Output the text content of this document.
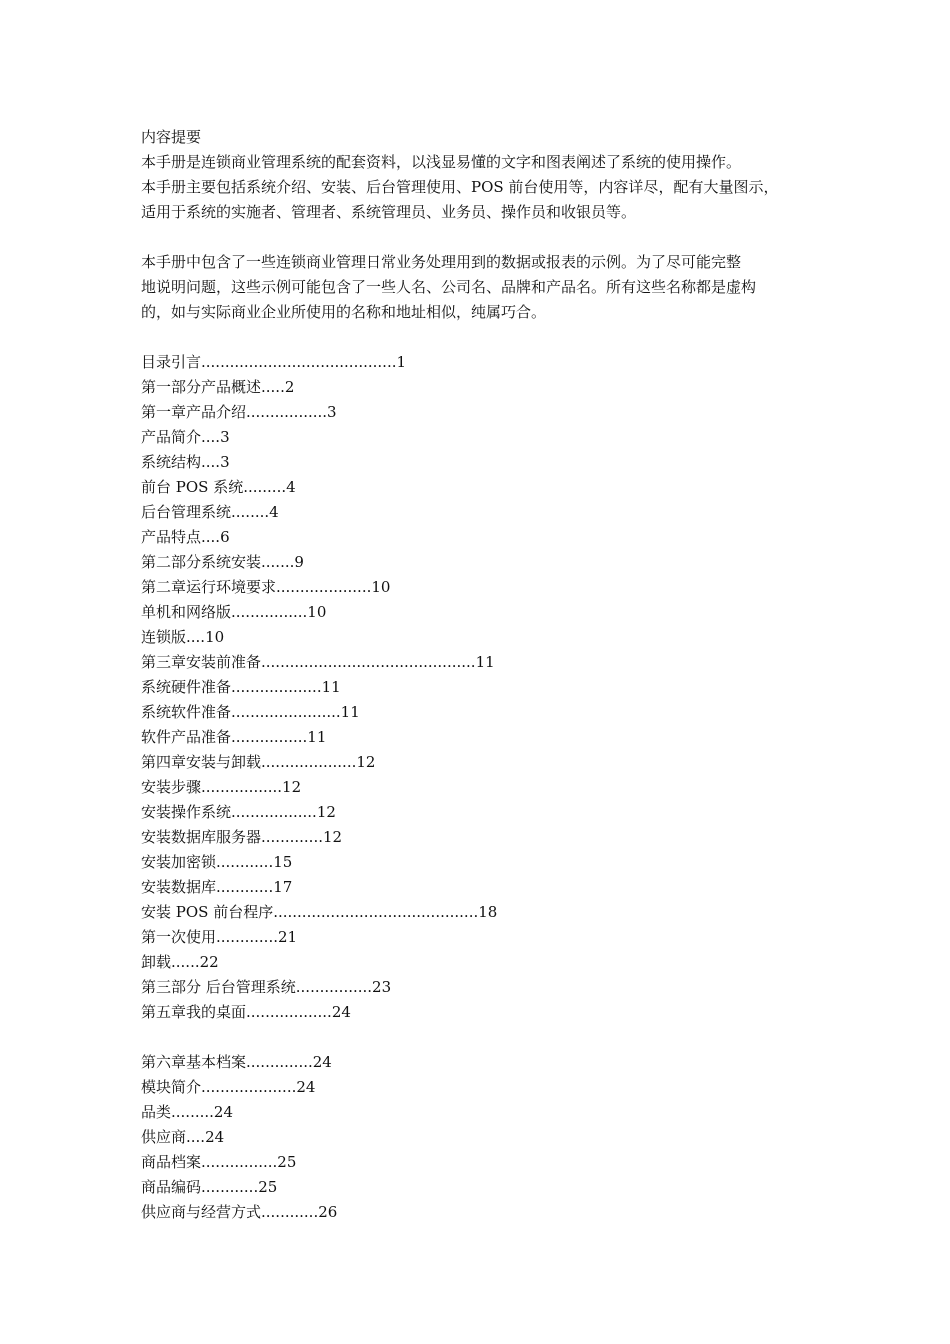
内容提要
本手册是连锁商业管理系统的配套资料，以浅显易懂的文字和图表阐述了系统的使用操作。
本手册主要包括系统介绍、安装、后台管理使用、POS 前台使用等，内容详尽，配有大量图示，
适用于系统的实施者、管理者、系统管理员、业务员、操作员和收银员等。
本手册中包含了一些连锁商业管理日常业务处理用到的数据或报表的示例。为了尽可能完整
地说明问题，这些示例可能包含了一些人名、公司名、品牌和产品名。所有这些名称都是虚构
的，如与实际商业企业所使用的名称和地址相似，纯属巧合。
目录引言.........................................1
第一部分产品概述.....2
第一章产品介绍.................3
产品简介....3
系统结构....3
前台 POS 系统.........4
后台管理系统........4
产品特点....6
第二部分系统安装.......9
第二章运行环境要求....................10
单机和网络版................10
连锁版....10
第三章安装前准备.............................................11
系统硬件准备...................11
系统软件准备.......................11
软件产品准备................11
第四章安装与卸载....................12
安装步骤.................12
安装操作系统..................12
安装数据库服务器.............12
安装加密锁............15
安装数据库............17
安装 POS 前台程序...........................................18
第一次使用.............21
卸载......22
第三部分 后台管理系统................23
第五章我的桌面..................24
第六章基本档案..............24
模块简介....................24
品类.........24
供应商....24
商品档案................25
商品编码............25
供应商与经营方式............26
